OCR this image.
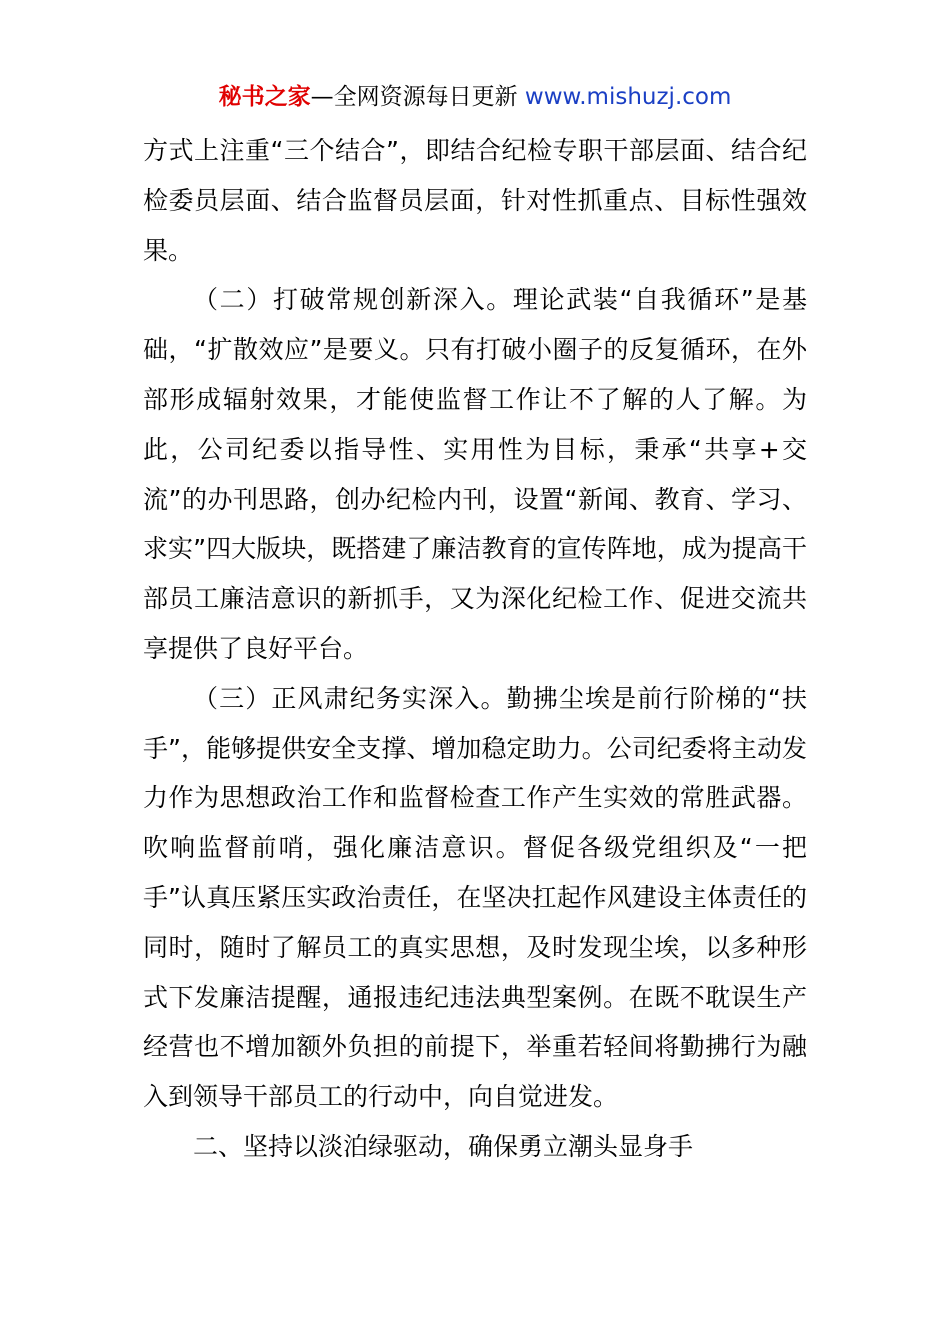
秘书之家—全网资源每日更新 www.mishuzj.com

方式上注重“三个结合”，即结合纪检专职干部层面、结合纪检委员层面、结合监督员层面，针对性抓重点、目标性强效果。

（二）打破常规创新深入。理论武装“自我循环”是基础，“扩散效应”是要义。只有打破小圈子的反复循环，在外部形成辐射效果，才能使监督工作让不了解的人了解。为此，公司纪委以指导性、实用性为目标，秉承“共享+交流”的办刊思路，创办纪检内刊，设置“新闻、教育、学习、求实”四大版块，既搭建了廉洁教育的宣传阵地，成为提高干部员工廉洁意识的新抓手，又为深化纪检工作、促进交流共享提供了良好平台。

（三）正风肃纪务实深入。勤拂尘埃是前行阶梯的“扶手”，能够提供安全支撑、增加稳定助力。公司纪委将主动发力作为思想政治工作和监督检查工作产生实效的常胜武器。吹响监督前哨，强化廉洁意识。督促各级党组织及“一把手”认真压紧压实政治责任，在坚决扛起作风建设主体责任的同时，随时了解员工的真实思想，及时发现尘埃，以多种形式下发廉洁提醒，通报违纪违法典型案例。在既不耽误生产经营也不增加额外负担的前提下，举重若轻间将勤拂行为融入到领导干部员工的行动中，向自觉进发。

二、坚持以淡泊绿驱动，确保勇立潮头显身手
